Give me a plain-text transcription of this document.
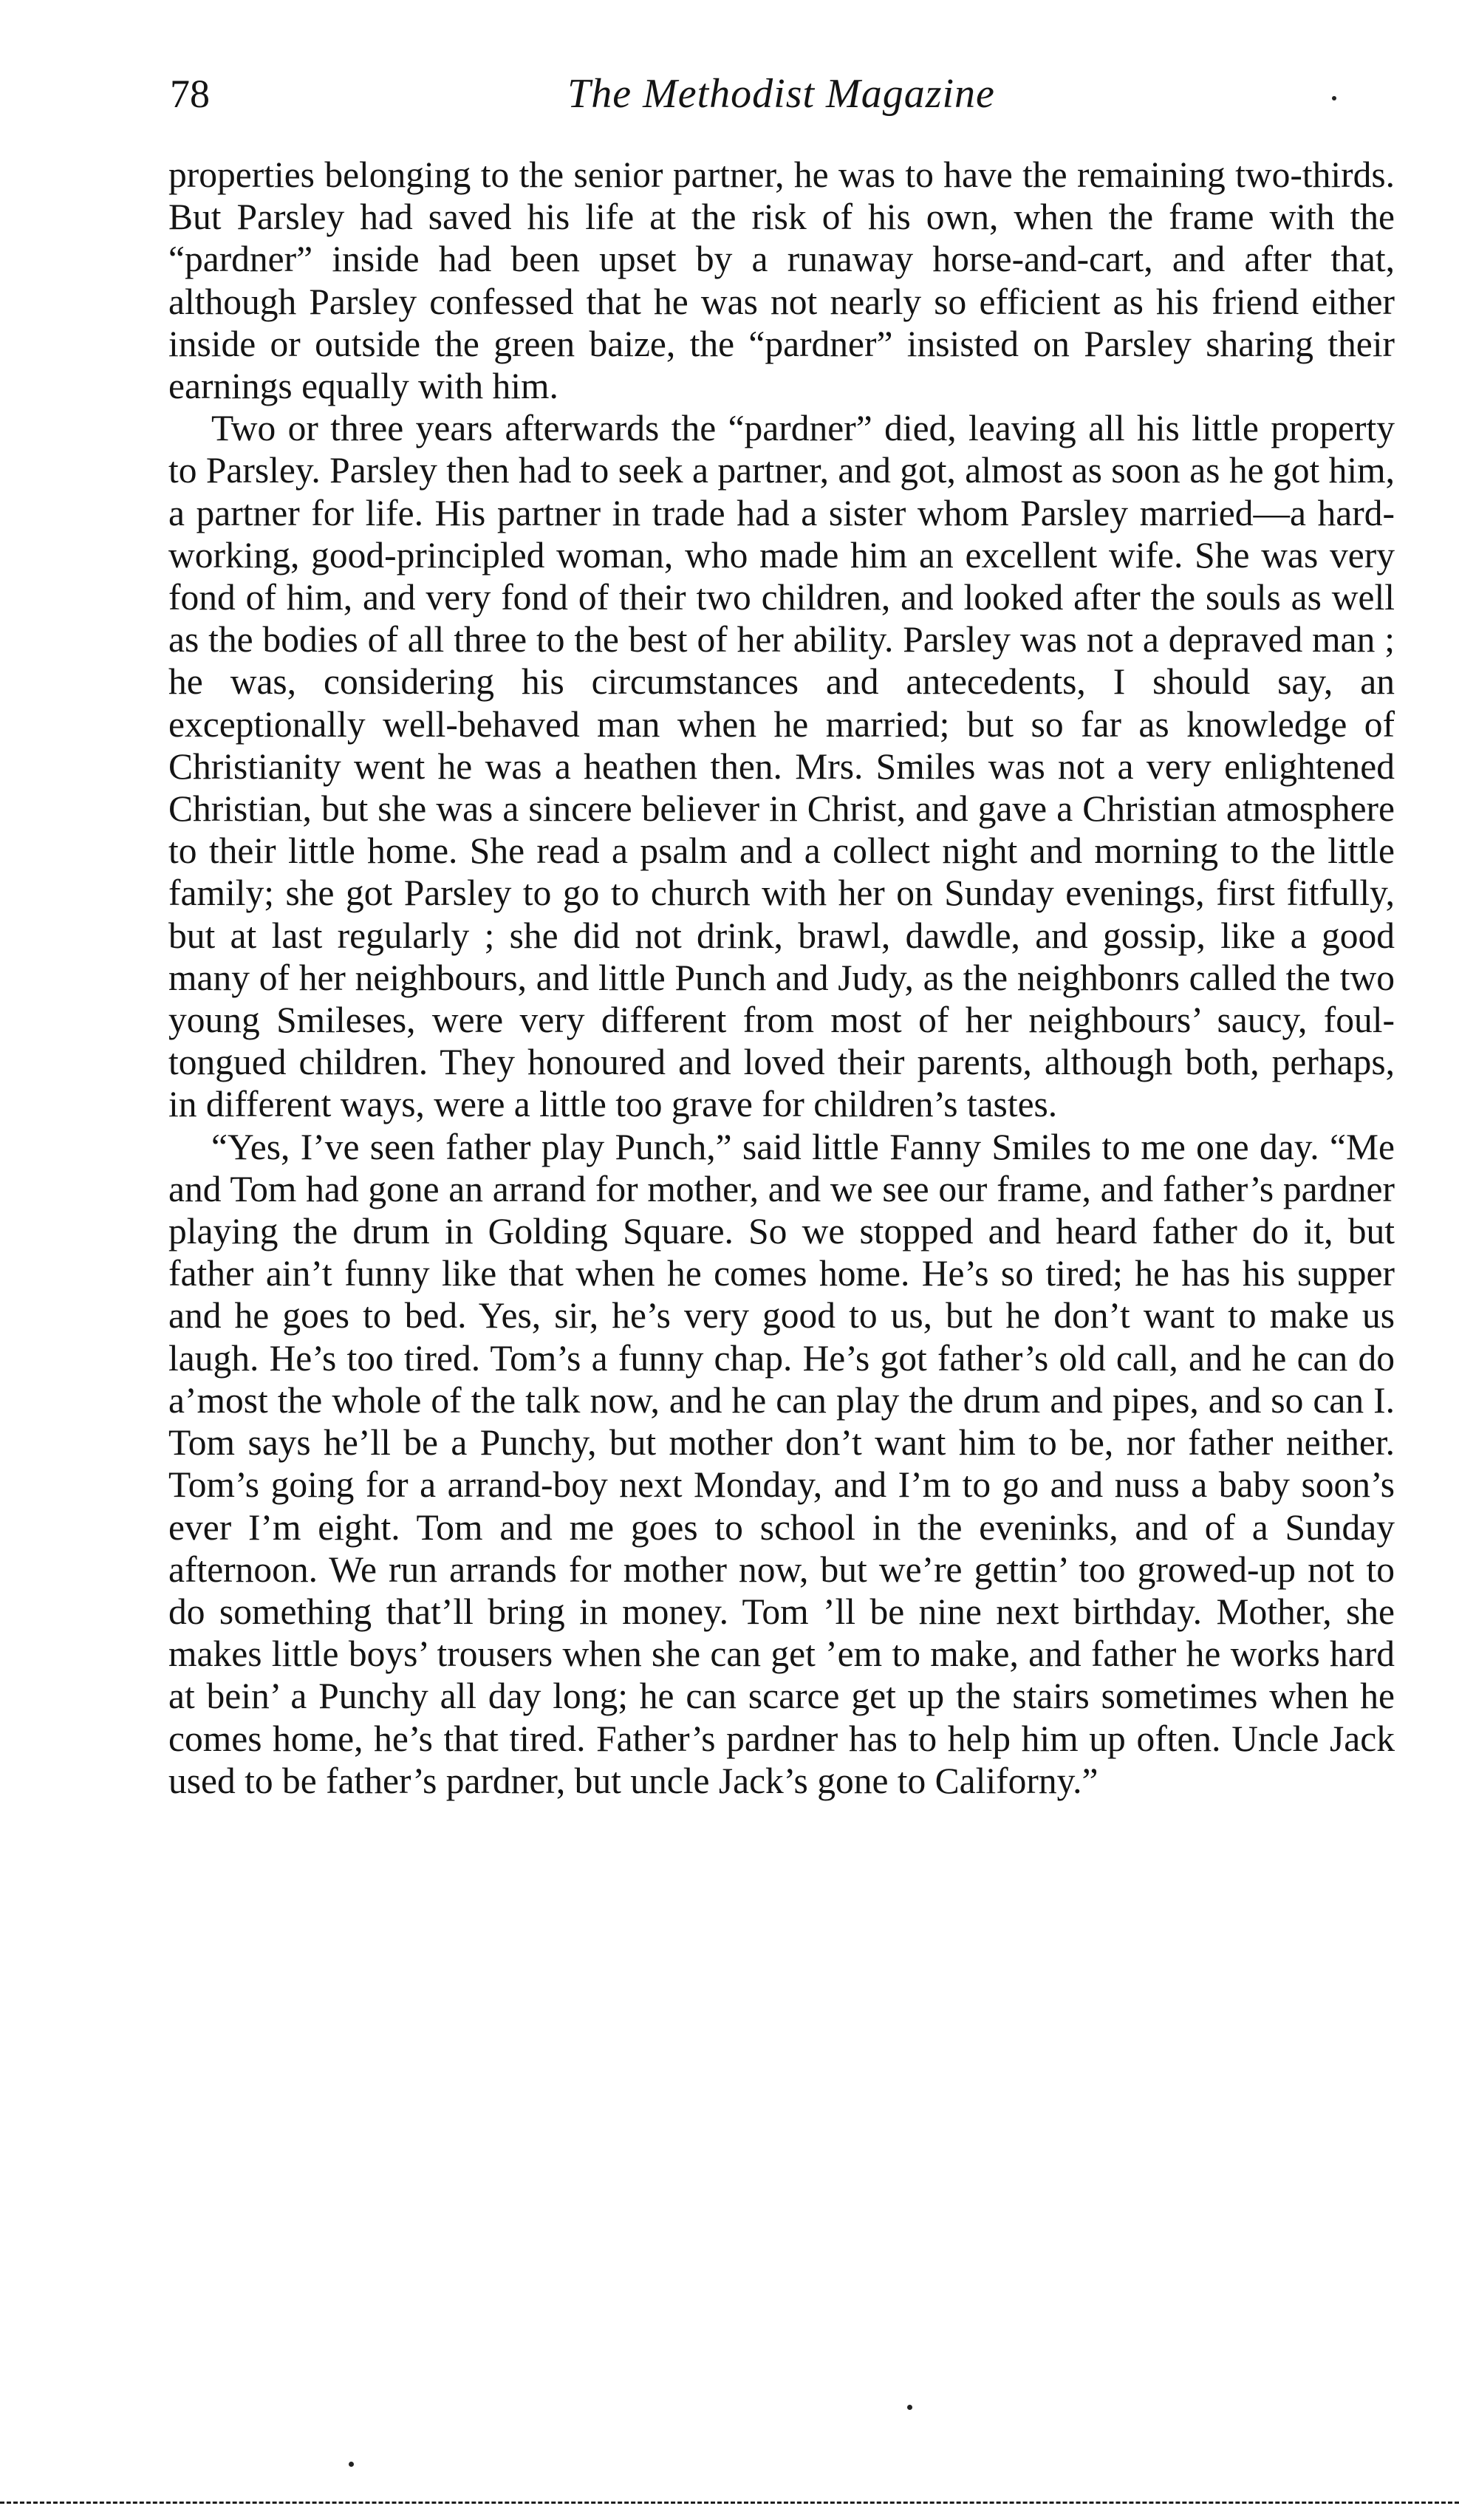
78	The Methodist Magazine

properties belonging to the senior partner, he was to have the remaining two-thirds. But Parsley had saved his life at the risk of his own, when the frame with the “pardner” inside had been upset by a runaway horse-and-cart, and after that, although Parsley confessed that he was not nearly so efficient as his friend either inside or outside the green baize, the “pardner” insisted on Parsley sharing their earnings equally with him.

Two or three years afterwards the “pardner” died, leaving all his little property to Parsley. Parsley then had to seek a partner, and got, almost as soon as he got him, a partner for life. His partner in trade had a sister whom Parsley married—a hard-working, good-principled woman, who made him an excellent wife. She was very fond of him, and very fond of their two children, and looked after the souls as well as the bodies of all three to the best of her ability. Parsley was not a depraved man ; he was, considering his circumstances and antecedents, I should say, an exceptionally well-behaved man when he married; but so far as knowledge of Christianity went he was a heathen then. Mrs. Smiles was not a very enlightened Christian, but she was a sincere believer in Christ, and gave a Christian atmosphere to their little home. She read a psalm and a collect night and morning to the little family; she got Parsley to go to church with her on Sunday evenings, first fitfully, but at last regularly ; she did not drink, brawl, dawdle, and gossip, like a good many of her neighbours, and little Punch and Judy, as the neighbonrs called the two young Smileses, were very different from most of her neighbours’ saucy, foul-tongued children. They honoured and loved their parents, although both, perhaps, in different ways, were a little too grave for children’s tastes.

“Yes, I’ve seen father play Punch,” said little Fanny Smiles to me one day. “Me and Tom had gone an arrand for mother, and we see our frame, and father’s pardner playing the drum in Golding Square. So we stopped and heard father do it, but father ain’t funny like that when he comes home. He’s so tired; he has his supper and he goes to bed. Yes, sir, he’s very good to us, but he don’t want to make us laugh. He’s too tired. Tom’s a funny chap. He’s got father’s old call, and he can do a’most the whole of the talk now, and he can play the drum and pipes, and so can I. Tom says he’ll be a Punchy, but mother don’t want him to be, nor father neither. Tom’s going for a arrand-boy next Monday, and I’m to go and nuss a baby soon’s ever I’m eight. Tom and me goes to school in the eveninks, and of a Sunday afternoon. We run arrands for mother now, but we’re gettin’ too growed-up not to do something that’ll bring in money. Tom ’ll be nine next birthday. Mother, she makes little boys’ trousers when she can get ’em to make, and father he works hard at bein’ a Punchy all day long; he can scarce get up the stairs sometimes when he comes home, he’s that tired. Father’s pardner has to help him up often. Uncle Jack used to be father’s pardner, but uncle Jack’s gone to Californy.”
